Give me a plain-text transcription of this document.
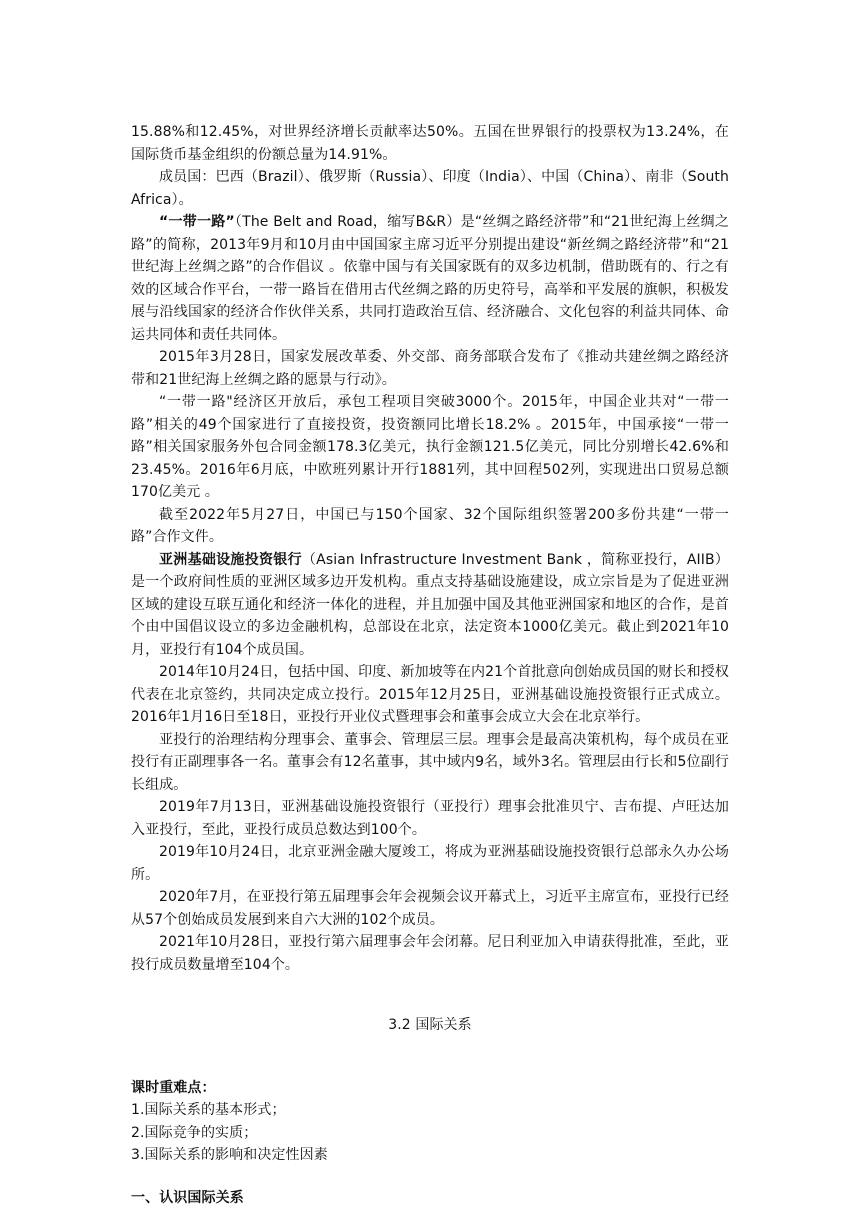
15.88%和12.45%，对世界经济增长贡献率达50%。五国在世界银行的投票权为13.24%，在国际货币基金组织的份额总量为14.91%。

成员国：巴西（Brazil）、俄罗斯（Russia）、印度（India）、中国（China）、南非（South Africa）。

“一带一路”（The Belt and Road，缩写B&R）是“丝绸之路经济带”和“21世纪海上丝绸之路”的简称，2013年9月和10月由中国国家主席习近平分别提出建设“新丝绸之路经济带”和“21世纪海上丝绸之路”的合作倡议 。依靠中国与有关国家既有的双多边机制，借助既有的、行之有效的区域合作平台，一带一路旨在借用古代丝绸之路的历史符号，高举和平发展的旗帜，积极发展与沿线国家的经济合作伙伴关系，共同打造政治互信、经济融合、文化包容的利益共同体、命运共同体和责任共同体。

2015年3月28日，国家发展改革委、外交部、商务部联合发布了《推动共建丝绸之路经济带和21世纪海上丝绸之路的愿景与行动》。

“一带一路"经济区开放后，承包工程项目突破3000个。2015年，中国企业共对“一带一路”相关的49个国家进行了直接投资，投资额同比增长18.2% 。2015年，中国承接“一带一路”相关国家服务外包合同金额178.3亿美元，执行金额121.5亿美元，同比分别增长42.6%和23.45%。2016年6月底，中欧班列累计开行1881列，其中回程502列，实现进出口贸易总额170亿美元 。

截至2022年5月27日，中国已与150个国家、32个国际组织签署200多份共建“一带一路”合作文件。

亚洲基础设施投资银行（Asian Infrastructure Investment Bank ，简称亚投行，AIIB）是一个政府间性质的亚洲区域多边开发机构。重点支持基础设施建设，成立宗旨是为了促进亚洲区域的建设互联互通化和经济一体化的进程，并且加强中国及其他亚洲国家和地区的合作，是首个由中国倡议设立的多边金融机构，总部设在北京，法定资本1000亿美元。截止到2021年10月，亚投行有104个成员国。

2014年10月24日，包括中国、印度、新加坡等在内21个首批意向创始成员国的财长和授权代表在北京签约，共同决定成立投行。2015年12月25日，亚洲基础设施投资银行正式成立。2016年1月16日至18日，亚投行开业仪式暨理事会和董事会成立大会在北京举行。

亚投行的治理结构分理事会、董事会、管理层三层。理事会是最高决策机构，每个成员在亚投行有正副理事各一名。董事会有12名董事，其中域内9名，域外3名。管理层由行长和5位副行长组成。

2019年7月13日，亚洲基础设施投资银行（亚投行）理事会批准贝宁、吉布提、卢旺达加入亚投行，至此，亚投行成员总数达到100个。

2019年10月24日，北京亚洲金融大厦竣工，将成为亚洲基础设施投资银行总部永久办公场所。

2020年7月，在亚投行第五届理事会年会视频会议开幕式上，习近平主席宣布，亚投行已经从57个创始成员发展到来自六大洲的102个成员。

2021年10月28日，亚投行第六届理事会年会闭幕。尼日利亚加入申请获得批准，至此，亚投行成员数量增至104个。

3.2 国际关系

课时重难点：

1.国际关系的基本形式；

2.国际竞争的实质；

3.国际关系的影响和决定性因素

一、认识国际关系
